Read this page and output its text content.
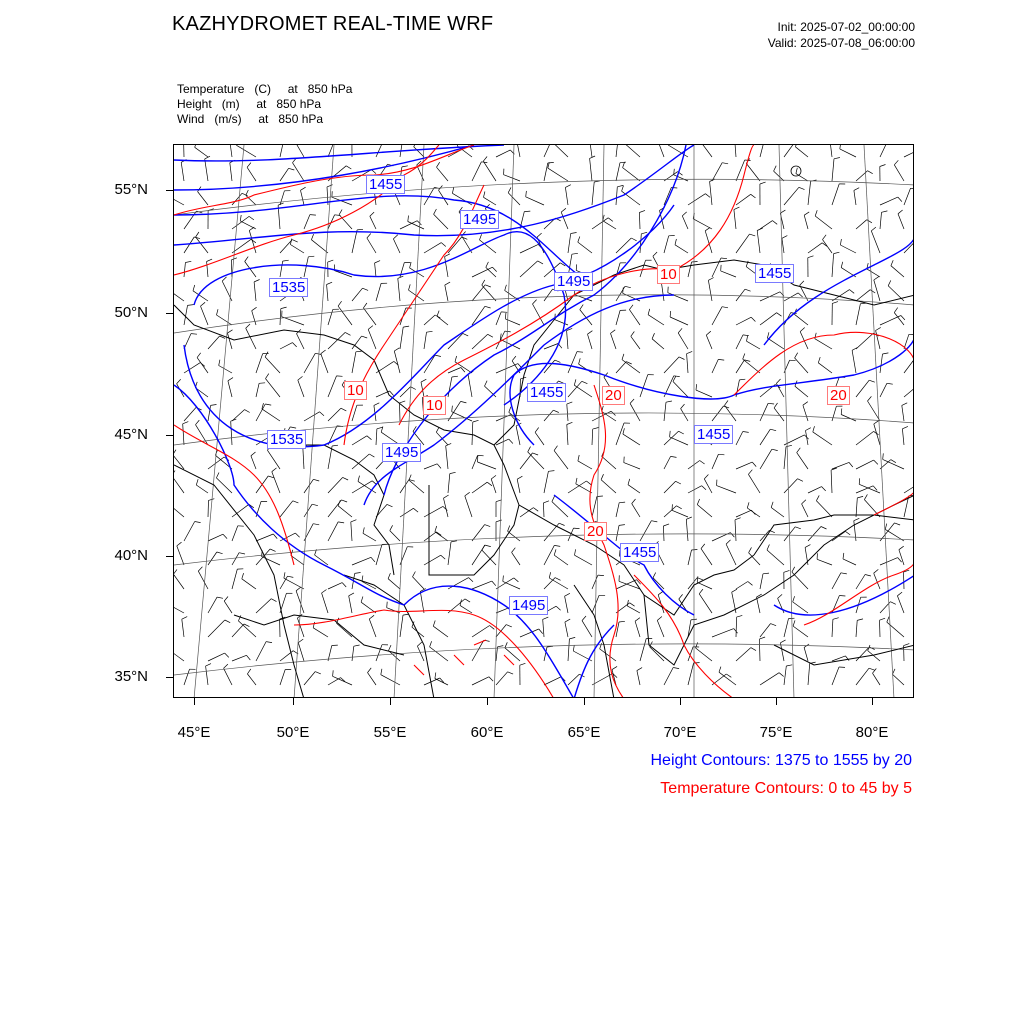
KAZHYDROMET REAL-TIME WRF	Init: 2025-07-02_00:00:00
Valid: 2025-07-08_06:00:00
Temperature   (C)     at   850 hPa
Height   (m)     at   850 hPa
Wind   (m/s)     at   850 hPa
1455
1495
1535	1495	1455
1535
1455
1495
1455
1455
1495
10
10
20
10
20
20
55°N
50°N
45°N
40°N
35°N
45°E	50°E	55°E	60°E	65°E	70°E	75°E	80°E
Height Contours: 1375 to 1555 by 20
Temperature Contours: 0 to 45 by 5
